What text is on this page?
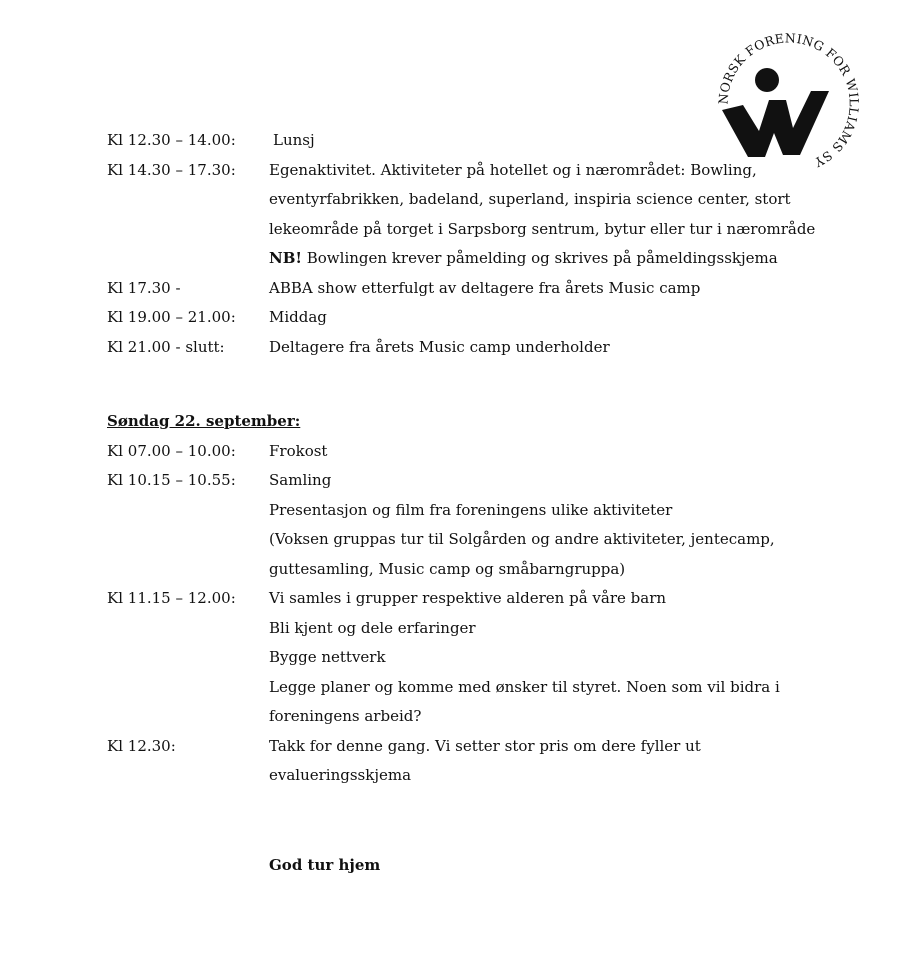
NORSK FORENING FOR WILLIAMS SY
Kl 12.30 – 14.00:	Lunsj
Kl 14.30 – 17.30:	Egenaktivitet. Aktiviteter på hotellet og i nærområdet: Bowling,
eventyrfabrikken, badeland, superland, inspiria science center, stort
lekeområde på torget i Sarpsborg sentrum, bytur eller tur i nærområde
NB! Bowlingen krever påmelding og skrives på påmeldingsskjema
Kl 17.30 -	ABBA show etterfulgt av deltagere fra årets Music camp
Kl 19.00 – 21.00:	Middag
Kl 21.00 - slutt:	Deltagere fra årets Music camp underholder
Søndag 22. september:
Kl 07.00 – 10.00:	Frokost
Kl 10.15 – 10.55:	Samling
Presentasjon og film fra foreningens ulike aktiviteter
(Voksen gruppas tur til Solgården og andre aktiviteter, jentecamp,
guttesamling, Music camp og småbarngruppa)
Kl 11.15 – 12.00:	Vi samles i grupper respektive alderen på våre barn
Bli kjent og dele erfaringer
Bygge nettverk
Legge planer og komme med ønsker til styret. Noen som vil bidra i
foreningens arbeid?
Kl 12.30:	Takk for denne gang. Vi setter stor pris om dere fyller ut
evalueringsskjema
God tur hjem
